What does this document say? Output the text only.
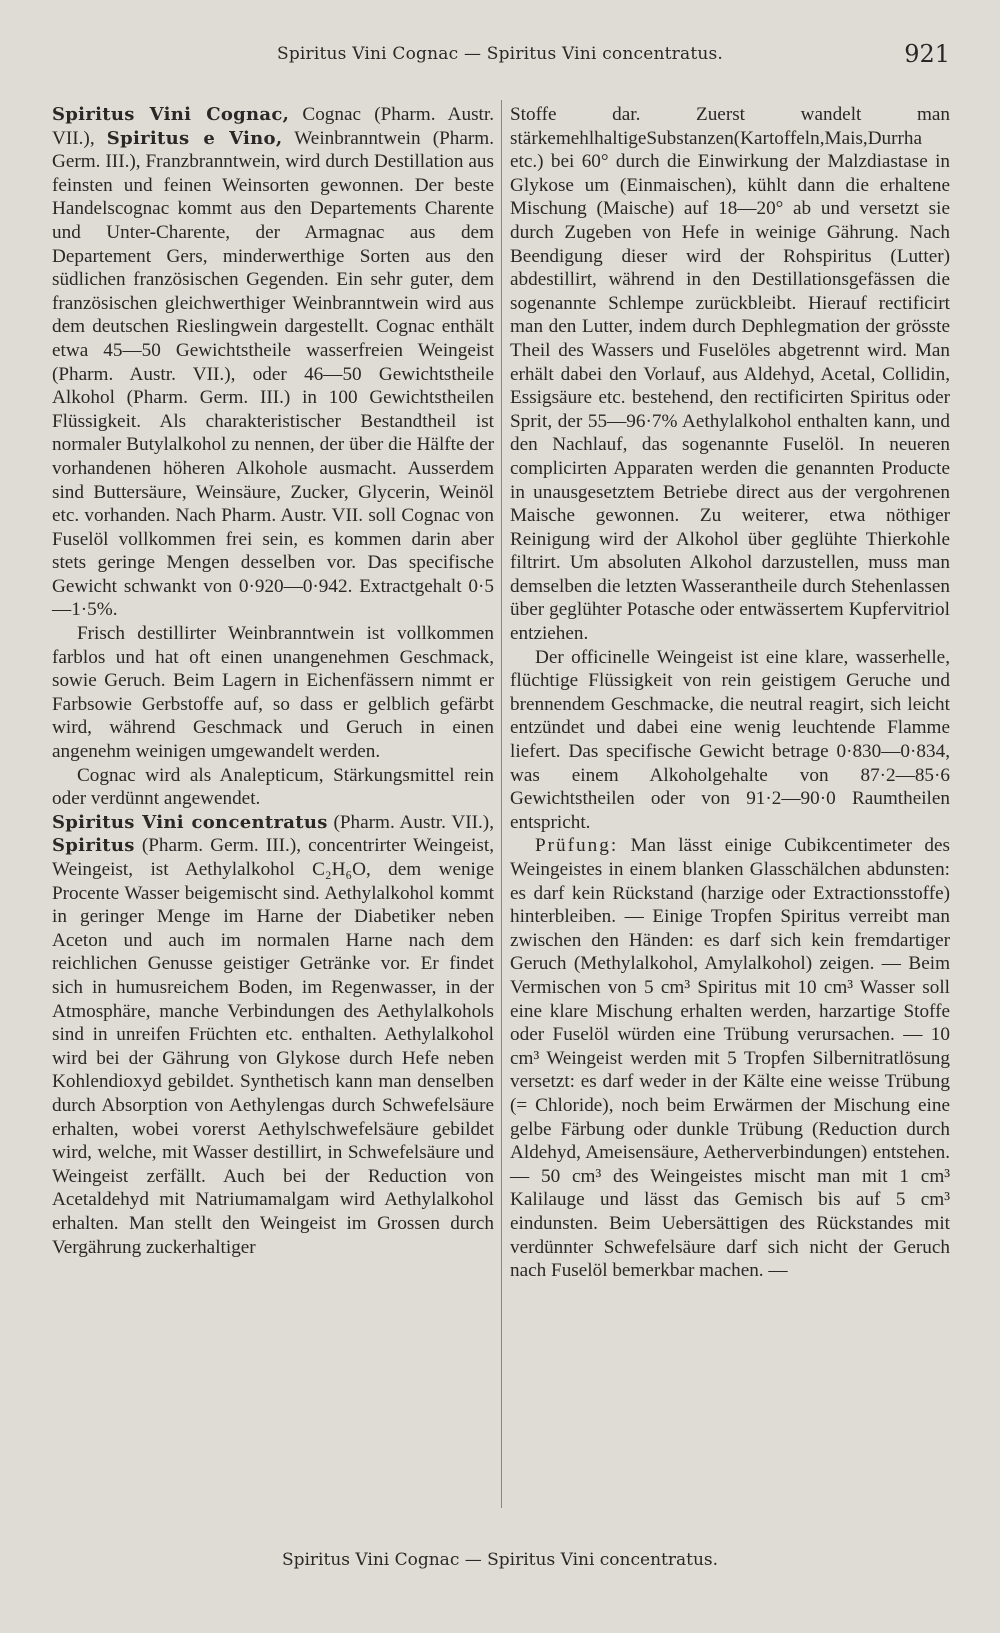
Spiritus Vini Cognac — Spiritus Vini concentratus.	921

Spiritus Vini Cognac, Cognac (Pharm. Austr. VII.), Spiritus e Vino, Weinbranntwein (Pharm. Germ. III.), Franzbranntwein, wird durch Destillation aus feinsten und feinen Weinsorten gewonnen. Der beste Handelscognac kommt aus den Departements Charente und Unter-Charente, der Armagnac aus dem Departement Gers, minderwerthige Sorten aus den südlichen französischen Gegenden. Ein sehr guter, dem französischen gleichwerthiger Weinbranntwein wird aus dem deutschen Rieslingwein dargestellt. Cognac enthält etwa 45—50 Gewichtstheile wasserfreien Weingeist (Pharm. Austr. VII.), oder 46—50 Gewichtstheile Alkohol (Pharm. Germ. III.) in 100 Gewichtstheilen Flüssigkeit. Als charakteristischer Bestandtheil ist normaler Butylalkohol zu nennen, der über die Hälfte der vorhandenen höheren Alkohole ausmacht. Ausserdem sind Buttersäure, Weinsäure, Zucker, Glycerin, Weinöl etc. vorhanden. Nach Pharm. Austr. VII. soll Cognac von Fuselöl vollkommen frei sein, es kommen darin aber stets geringe Mengen desselben vor. Das specifische Gewicht schwankt von 0·920—0·942. Extractgehalt 0·5—1·5%.

Frisch destillirter Weinbranntwein ist vollkommen farblos und hat oft einen unangenehmen Geschmack, sowie Geruch. Beim Lagern in Eichenfässern nimmt er Farbsowie Gerbstoffe auf, so dass er gelblich gefärbt wird, während Geschmack und Geruch in einen angenehm weinigen umgewandelt werden.

Cognac wird als Analepticum, Stärkungsmittel rein oder verdünnt angewendet.

Spiritus Vini concentratus (Pharm. Austr. VII.), Spiritus (Pharm. Germ. III.), concentrirter Weingeist, Weingeist, ist Aethylalkohol C₂H₆O, dem wenige Procente Wasser beigemischt sind. Aethylalkohol kommt in geringer Menge im Harne der Diabetiker neben Aceton und auch im normalen Harne nach dem reichlichen Genusse geistiger Getränke vor. Er findet sich in humusreichem Boden, im Regenwasser, in der Atmosphäre, manche Verbindungen des Aethylalkohols sind in unreifen Früchten etc. enthalten. Aethylalkohol wird bei der Gährung von Glykose durch Hefe neben Kohlendioxyd gebildet. Synthetisch kann man denselben durch Absorption von Aethylengas durch Schwefelsäure erhalten, wobei vorerst Aethylschwefelsäure gebildet wird, welche, mit Wasser destillirt, in Schwefelsäure und Weingeist zerfällt. Auch bei der Reduction von Acetaldehyd mit Natriumamalgam wird Aethylalkohol erhalten. Man stellt den Weingeist im Grossen durch Vergährung zuckerhaltiger

Stoffe dar. Zuerst wandelt man stärkemehlhaltigeSubstanzen(Kartoffeln,Mais,Durrha etc.) bei 60° durch die Einwirkung der Malzdiastase in Glykose um (Einmaischen), kühlt dann die erhaltene Mischung (Maische) auf 18—20° ab und versetzt sie durch Zugeben von Hefe in weinige Gährung. Nach Beendigung dieser wird der Rohspiritus (Lutter) abdestillirt, während in den Destillationsgefässen die sogenannte Schlempe zurückbleibt. Hierauf rectificirt man den Lutter, indem durch Dephlegmation der grösste Theil des Wassers und Fuselöles abgetrennt wird. Man erhält dabei den Vorlauf, aus Aldehyd, Acetal, Collidin, Essigsäure etc. bestehend, den rectificirten Spiritus oder Sprit, der 55—96·7% Aethylalkohol enthalten kann, und den Nachlauf, das sogenannte Fuselöl. In neueren complicirten Apparaten werden die genannten Producte in unausgesetztem Betriebe direct aus der vergohrenen Maische gewonnen. Zu weiterer, etwa nöthiger Reinigung wird der Alkohol über geglühte Thierkohle filtrirt. Um absoluten Alkohol darzustellen, muss man demselben die letzten Wasserantheile durch Stehenlassen über geglühter Potasche oder entwässertem Kupfervitriol entziehen.

Der officinelle Weingeist ist eine klare, wasserhelle, flüchtige Flüssigkeit von rein geistigem Geruche und brennendem Geschmacke, die neutral reagirt, sich leicht entzündet und dabei eine wenig leuchtende Flamme liefert. Das specifische Gewicht betrage 0·830—0·834, was einem Alkoholgehalte von 87·2—85·6 Gewichtstheilen oder von 91·2—90·0 Raumtheilen entspricht.

Prüfung: Man lässt einige Cubikcentimeter des Weingeistes in einem blanken Glasschälchen abdunsten: es darf kein Rückstand (harzige oder Extractionsstoffe) hinterbleiben. — Einige Tropfen Spiritus verreibt man zwischen den Händen: es darf sich kein fremdartiger Geruch (Methylalkohol, Amylalkohol) zeigen. — Beim Vermischen von 5 cm³ Spiritus mit 10 cm³ Wasser soll eine klare Mischung erhalten werden, harzartige Stoffe oder Fuselöl würden eine Trübung verursachen. — 10 cm³ Weingeist werden mit 5 Tropfen Silbernitratlösung versetzt: es darf weder in der Kälte eine weisse Trübung (= Chloride), noch beim Erwärmen der Mischung eine gelbe Färbung oder dunkle Trübung (Reduction durch Aldehyd, Ameisensäure, Aetherverbindungen) entstehen. — 50 cm³ des Weingeistes mischt man mit 1 cm³ Kalilauge und lässt das Gemisch bis auf 5 cm³ eindunsten. Beim Uebersättigen des Rückstandes mit verdünnter Schwefelsäure darf sich nicht der Geruch nach Fuselöl bemerkbar machen. —

Spiritus Vini Cognac — Spiritus Vini concentratus.
